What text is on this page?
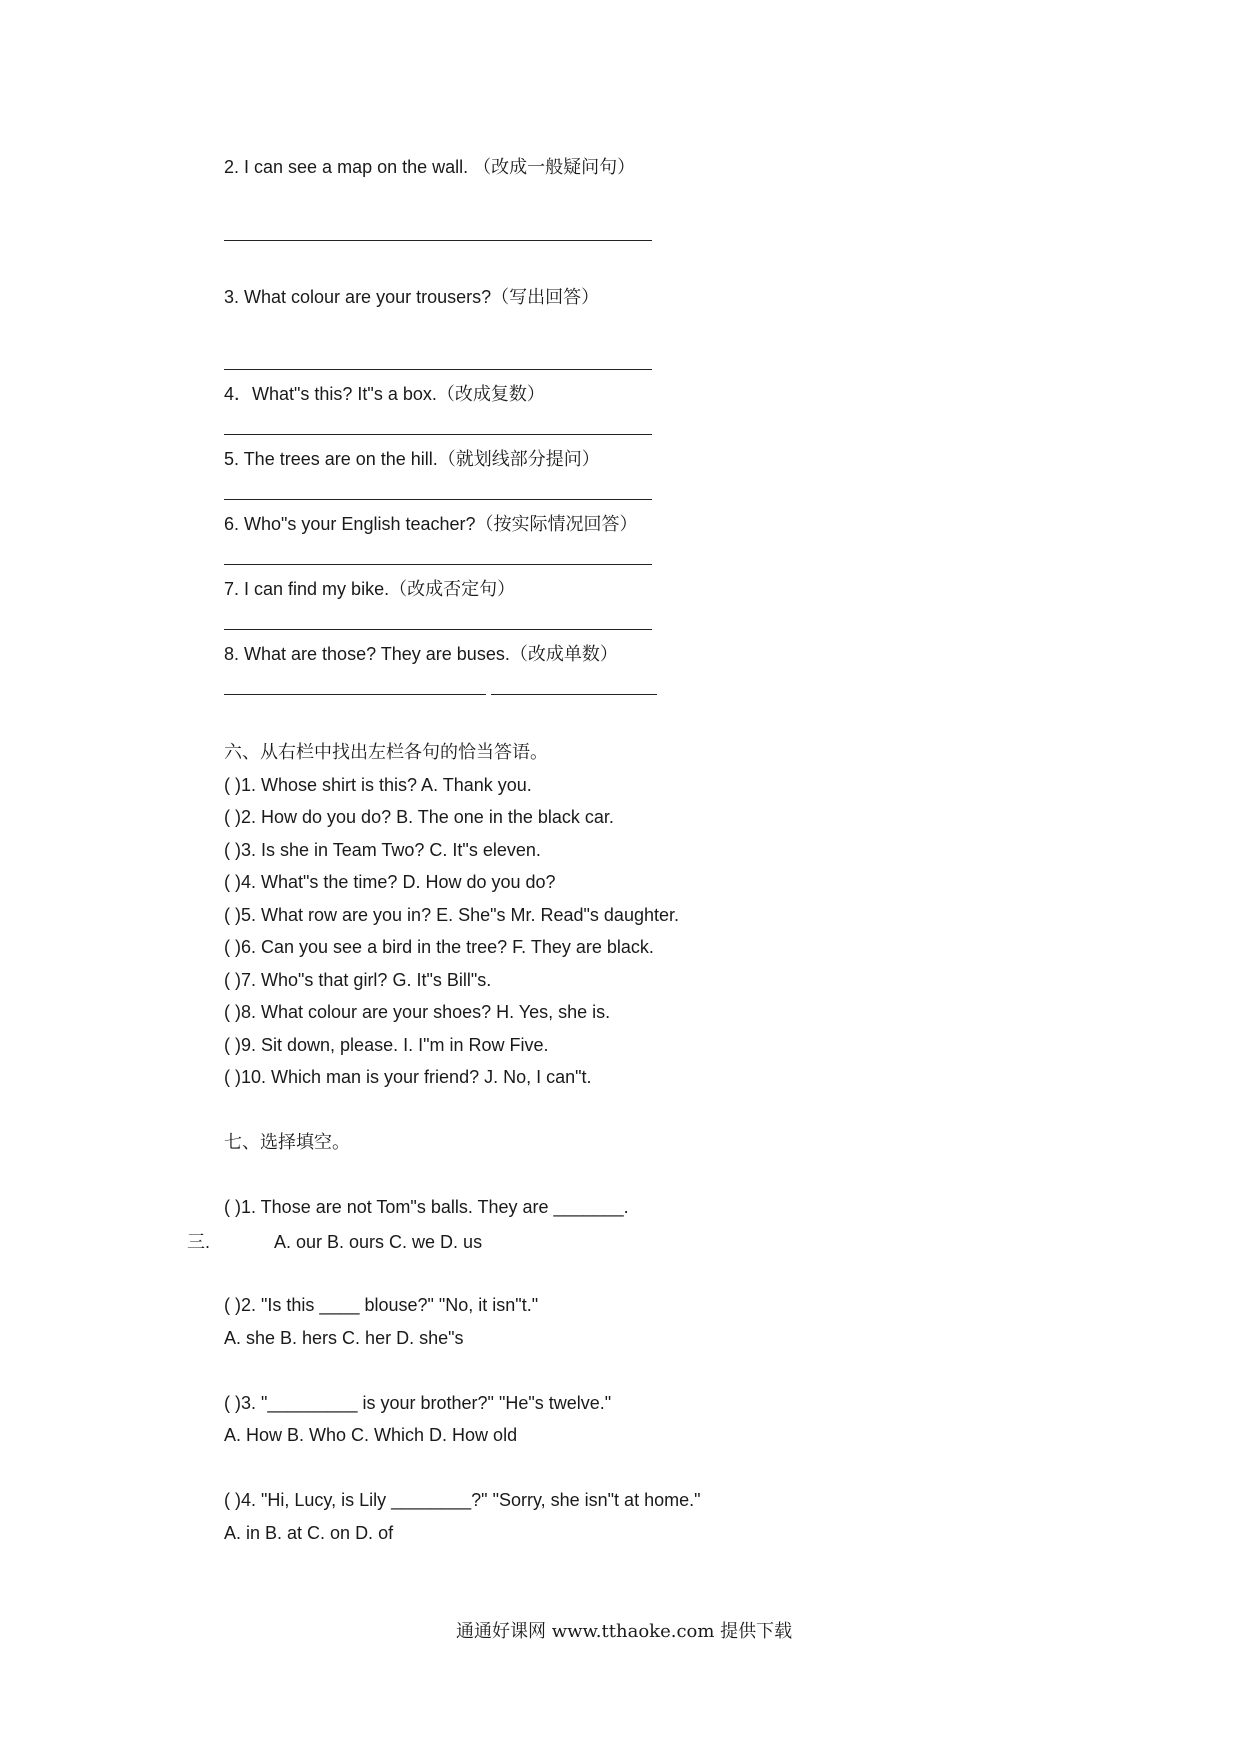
2. I can see a map on the wall. （改成一般疑问句）
3. What colour are your trousers?（写出回答）
4．What"s this? It"s a box.（改成复数）
5. The trees are on the hill.（就划线部分提问）
6. Who"s your English teacher?（按实际情况回答）
7. I can find my bike.（改成否定句）
8. What are those? They are buses.（改成单数）
六、从右栏中找出左栏各句的恰当答语。
( )1. Whose shirt is this? A. Thank you.
( )2. How do you do? B. The one in the black car.
( )3. Is she in Team Two? C. It"s eleven.
( )4. What"s the time? D. How do you do?
( )5. What row are you in? E. She"s Mr. Read"s daughter.
( )6. Can you see a bird in the tree? F. They are black.
( )7. Who"s that girl? G. It"s Bill"s.
( )8. What colour are your shoes? H. Yes, she is.
( )9. Sit down, please. I. I"m in Row Five.
( )10. Which man is your friend? J. No, I can"t.
七、选择填空。
( )1. Those are not Tom"s balls. They are _______.
三.	A. our B. ours C. we D. us
( )2. "Is this ____ blouse?" "No, it isn"t."
A. she B. hers C. her D. she"s
( )3. "_________ is your brother?" "He"s twelve."
A. How B. Who C. Which D. How old
( )4. "Hi, Lucy, is Lily ________?" "Sorry, she isn"t at home."
A. in B. at C. on D. of
通通好课网 www.tthaoke.com 提供下载
